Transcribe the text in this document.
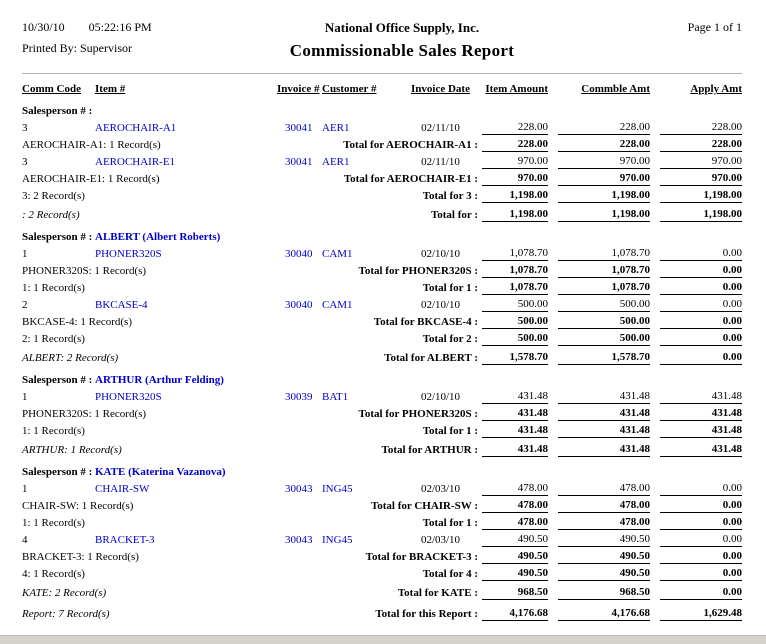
10/30/10 05:22:16 PM
Printed By: Supervisor
National Office Supply, Inc.
Commissionable Sales Report
Page 1 of 1
Comm Code	Item #	Invoice # Customer #	Invoice Date	Item Amount	Commble Amt	Apply Amt
Salesperson # :
3	AEROCHAIR-A1	30041 AER1	02/11/10	228.00	228.00	228.00
AEROCHAIR-A1: 1 Record(s)	Total for AEROCHAIR-A1 :	228.00	228.00	228.00
3	AEROCHAIR-E1	30041 AER1	02/11/10	970.00	970.00	970.00
AEROCHAIR-E1: 1 Record(s)	Total for AEROCHAIR-E1 :	970.00	970.00	970.00
3: 2 Record(s)	Total for 3 :	1,198.00	1,198.00	1,198.00
: 2 Record(s)	Total for :	1,198.00	1,198.00	1,198.00
Salesperson # : ALBERT (Albert Roberts)
1	PHONER320S	30040 CAM1	02/10/10	1,078.70	1,078.70	0.00
PHONER320S: 1 Record(s)	Total for PHONER320S :	1,078.70	1,078.70	0.00
1: 1 Record(s)	Total for 1 :	1,078.70	1,078.70	0.00
2	BKCASE-4	30040 CAM1	02/10/10	500.00	500.00	0.00
BKCASE-4: 1 Record(s)	Total for BKCASE-4 :	500.00	500.00	0.00
2: 1 Record(s)	Total for 2 :	500.00	500.00	0.00
ALBERT: 2 Record(s)	Total for ALBERT :	1,578.70	1,578.70	0.00
Salesperson # : ARTHUR (Arthur Felding)
1	PHONER320S	30039 BAT1	02/10/10	431.48	431.48	431.48
PHONER320S: 1 Record(s)	Total for PHONER320S :	431.48	431.48	431.48
1: 1 Record(s)	Total for 1 :	431.48	431.48	431.48
ARTHUR: 1 Record(s)	Total for ARTHUR :	431.48	431.48	431.48
Salesperson # : KATE (Katerina Vazanova)
1	CHAIR-SW	30043 ING45	02/03/10	478.00	478.00	0.00
CHAIR-SW: 1 Record(s)	Total for CHAIR-SW :	478.00	478.00	0.00
1: 1 Record(s)	Total for 1 :	478.00	478.00	0.00
4	BRACKET-3	30043 ING45	02/03/10	490.50	490.50	0.00
BRACKET-3: 1 Record(s)	Total for BRACKET-3 :	490.50	490.50	0.00
4: 1 Record(s)	Total for 4 :	490.50	490.50	0.00
KATE: 2 Record(s)	Total for KATE :	968.50	968.50	0.00
Report: 7 Record(s)	Total for this Report :	4,176.68	4,176.68	1,629.48
